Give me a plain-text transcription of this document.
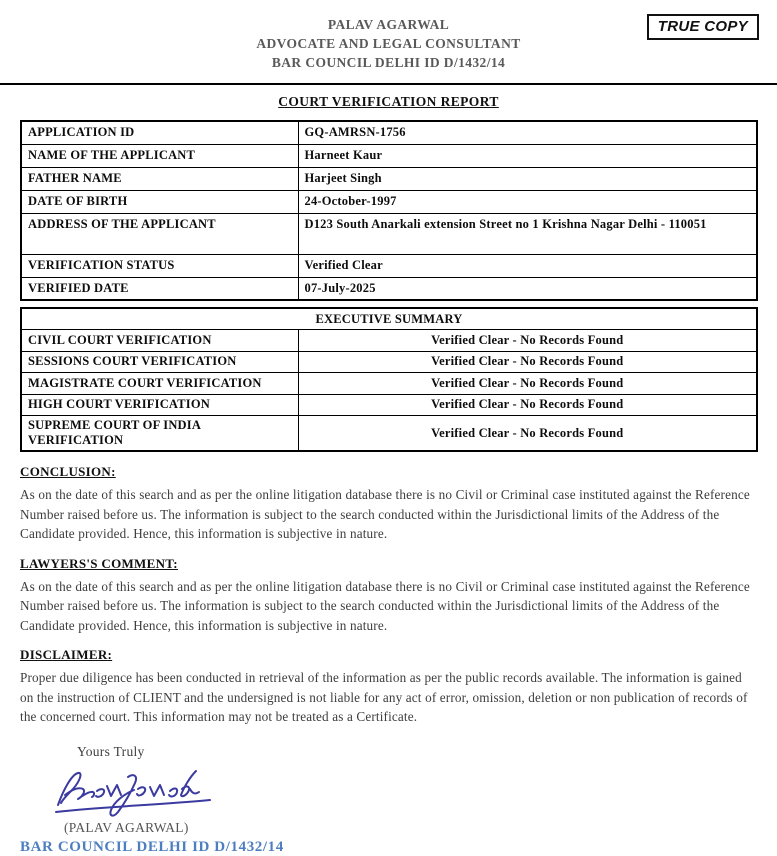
PALAV AGARWAL
ADVOCATE AND LEGAL CONSULTANT
BAR COUNCIL DELHI ID D/1432/14
TRUE COPY
COURT VERIFICATION REPORT
APPLICATION ID	GQ-AMRSN-1756
NAME OF THE APPLICANT	Harneet Kaur
FATHER NAME	Harjeet Singh
DATE OF BIRTH	24-October-1997
ADDRESS OF THE APPLICANT	D123 South Anarkali extension Street no 1 Krishna Nagar Delhi - 110051
VERIFICATION STATUS	Verified Clear
VERIFIED DATE	07-July-2025
EXECUTIVE SUMMARY	
CIVIL COURT VERIFICATION	Verified Clear - No Records Found
SESSIONS COURT VERIFICATION	Verified Clear - No Records Found
MAGISTRATE COURT VERIFICATION	Verified Clear - No Records Found
HIGH COURT VERIFICATION	Verified Clear - No Records Found
SUPREME COURT OF INDIA VERIFICATION	Verified Clear - No Records Found
CONCLUSION:
As on the date of this search and as per the online litigation database there is no Civil or Criminal case instituted against the Reference Number raised before us. The information is subject to the search conducted within the Jurisdictional limits of the Address of the Candidate provided. Hence, this information is subjective in nature.
LAWYERS'S COMMENT:
As on the date of this search and as per the online litigation database there is no Civil or Criminal case instituted against the Reference Number raised before us. The information is subject to the search conducted within the Jurisdictional limits of the Address of the Candidate provided. Hence, this information is subjective in nature.
DISCLAIMER:
Proper due diligence has been conducted in retrieval of the information as per the public records available. The information is gained on the instruction of CLIENT and the undersigned is not liable for any act of error, omission, deletion or non publication of records of the concerned court. This information may not be treated as a Certificate.
Yours Truly
(PALAV AGARWAL)
BAR COUNCIL DELHI ID D/1432/14
